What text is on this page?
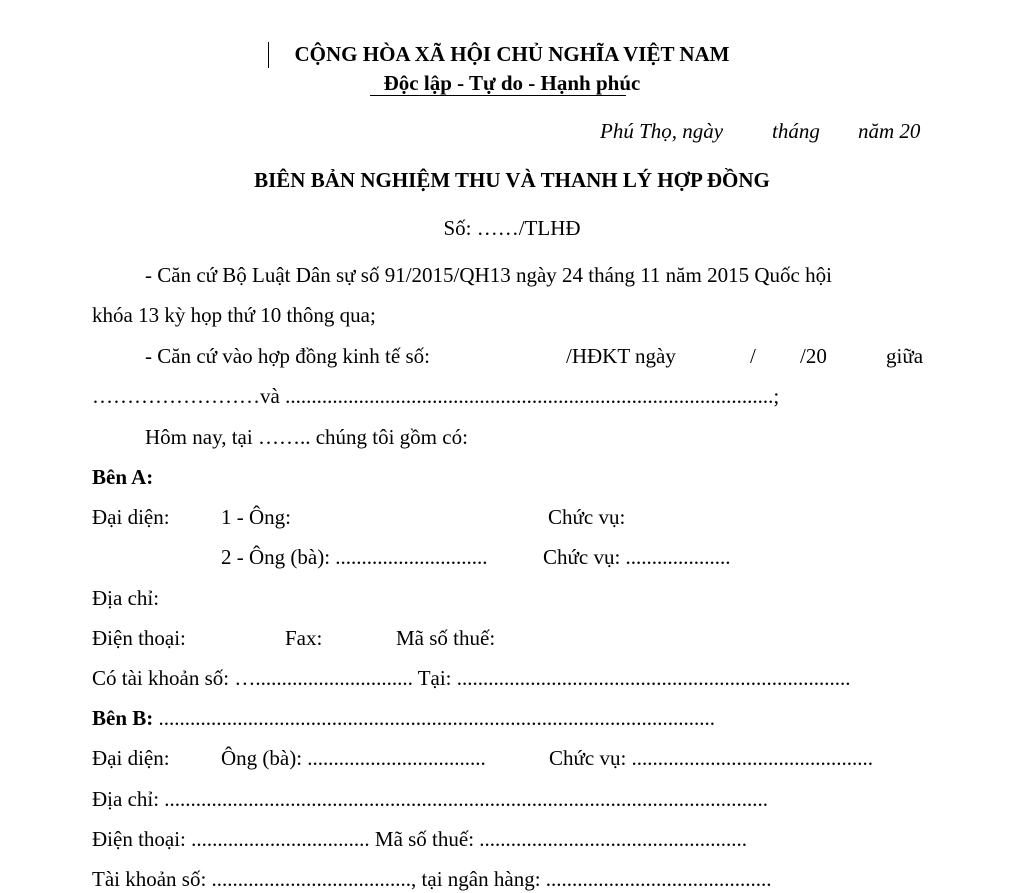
CỘNG HÒA XÃ HỘI CHỦ NGHĨA VIỆT NAM
Độc lập - Tự do - Hạnh phúc
Phú Thọ, ngày tháng năm 20
BIÊN BẢN NGHIỆM THU VÀ THANH LÝ HỢP ĐỒNG
Số: ……/TLHĐ
- Căn cứ Bộ Luật Dân sự số 91/2015/QH13 ngày 24 tháng 11 năm 2015 Quốc hội
khóa 13 kỳ họp thứ 10 thông qua;
- Căn cứ vào hợp đồng kinh tế số:	/HĐKT ngày	/ /20	giữa
……………………và .............................................................................................;
Hôm nay, tại …….. chúng tôi gồm có:
Bên A:
Đại diện: 1 - Ông:	Chức vụ:
2 - Ông (bà): .............................	Chức vụ: ....................
Địa chỉ:
Điện thoại:	Fax:	Mã số thuế:
Có tài khoản số: ….............................. Tại: ...........................................................................
Bên B: ..........................................................................................................
Đại diện: Ông (bà): ..................................	Chức vụ: ..............................................
Địa chỉ: ...................................................................................................................
Điện thoại: .................................. Mã số thuế: ...................................................
Tài khoản số: ......................................, tại ngân hàng: ...........................................
